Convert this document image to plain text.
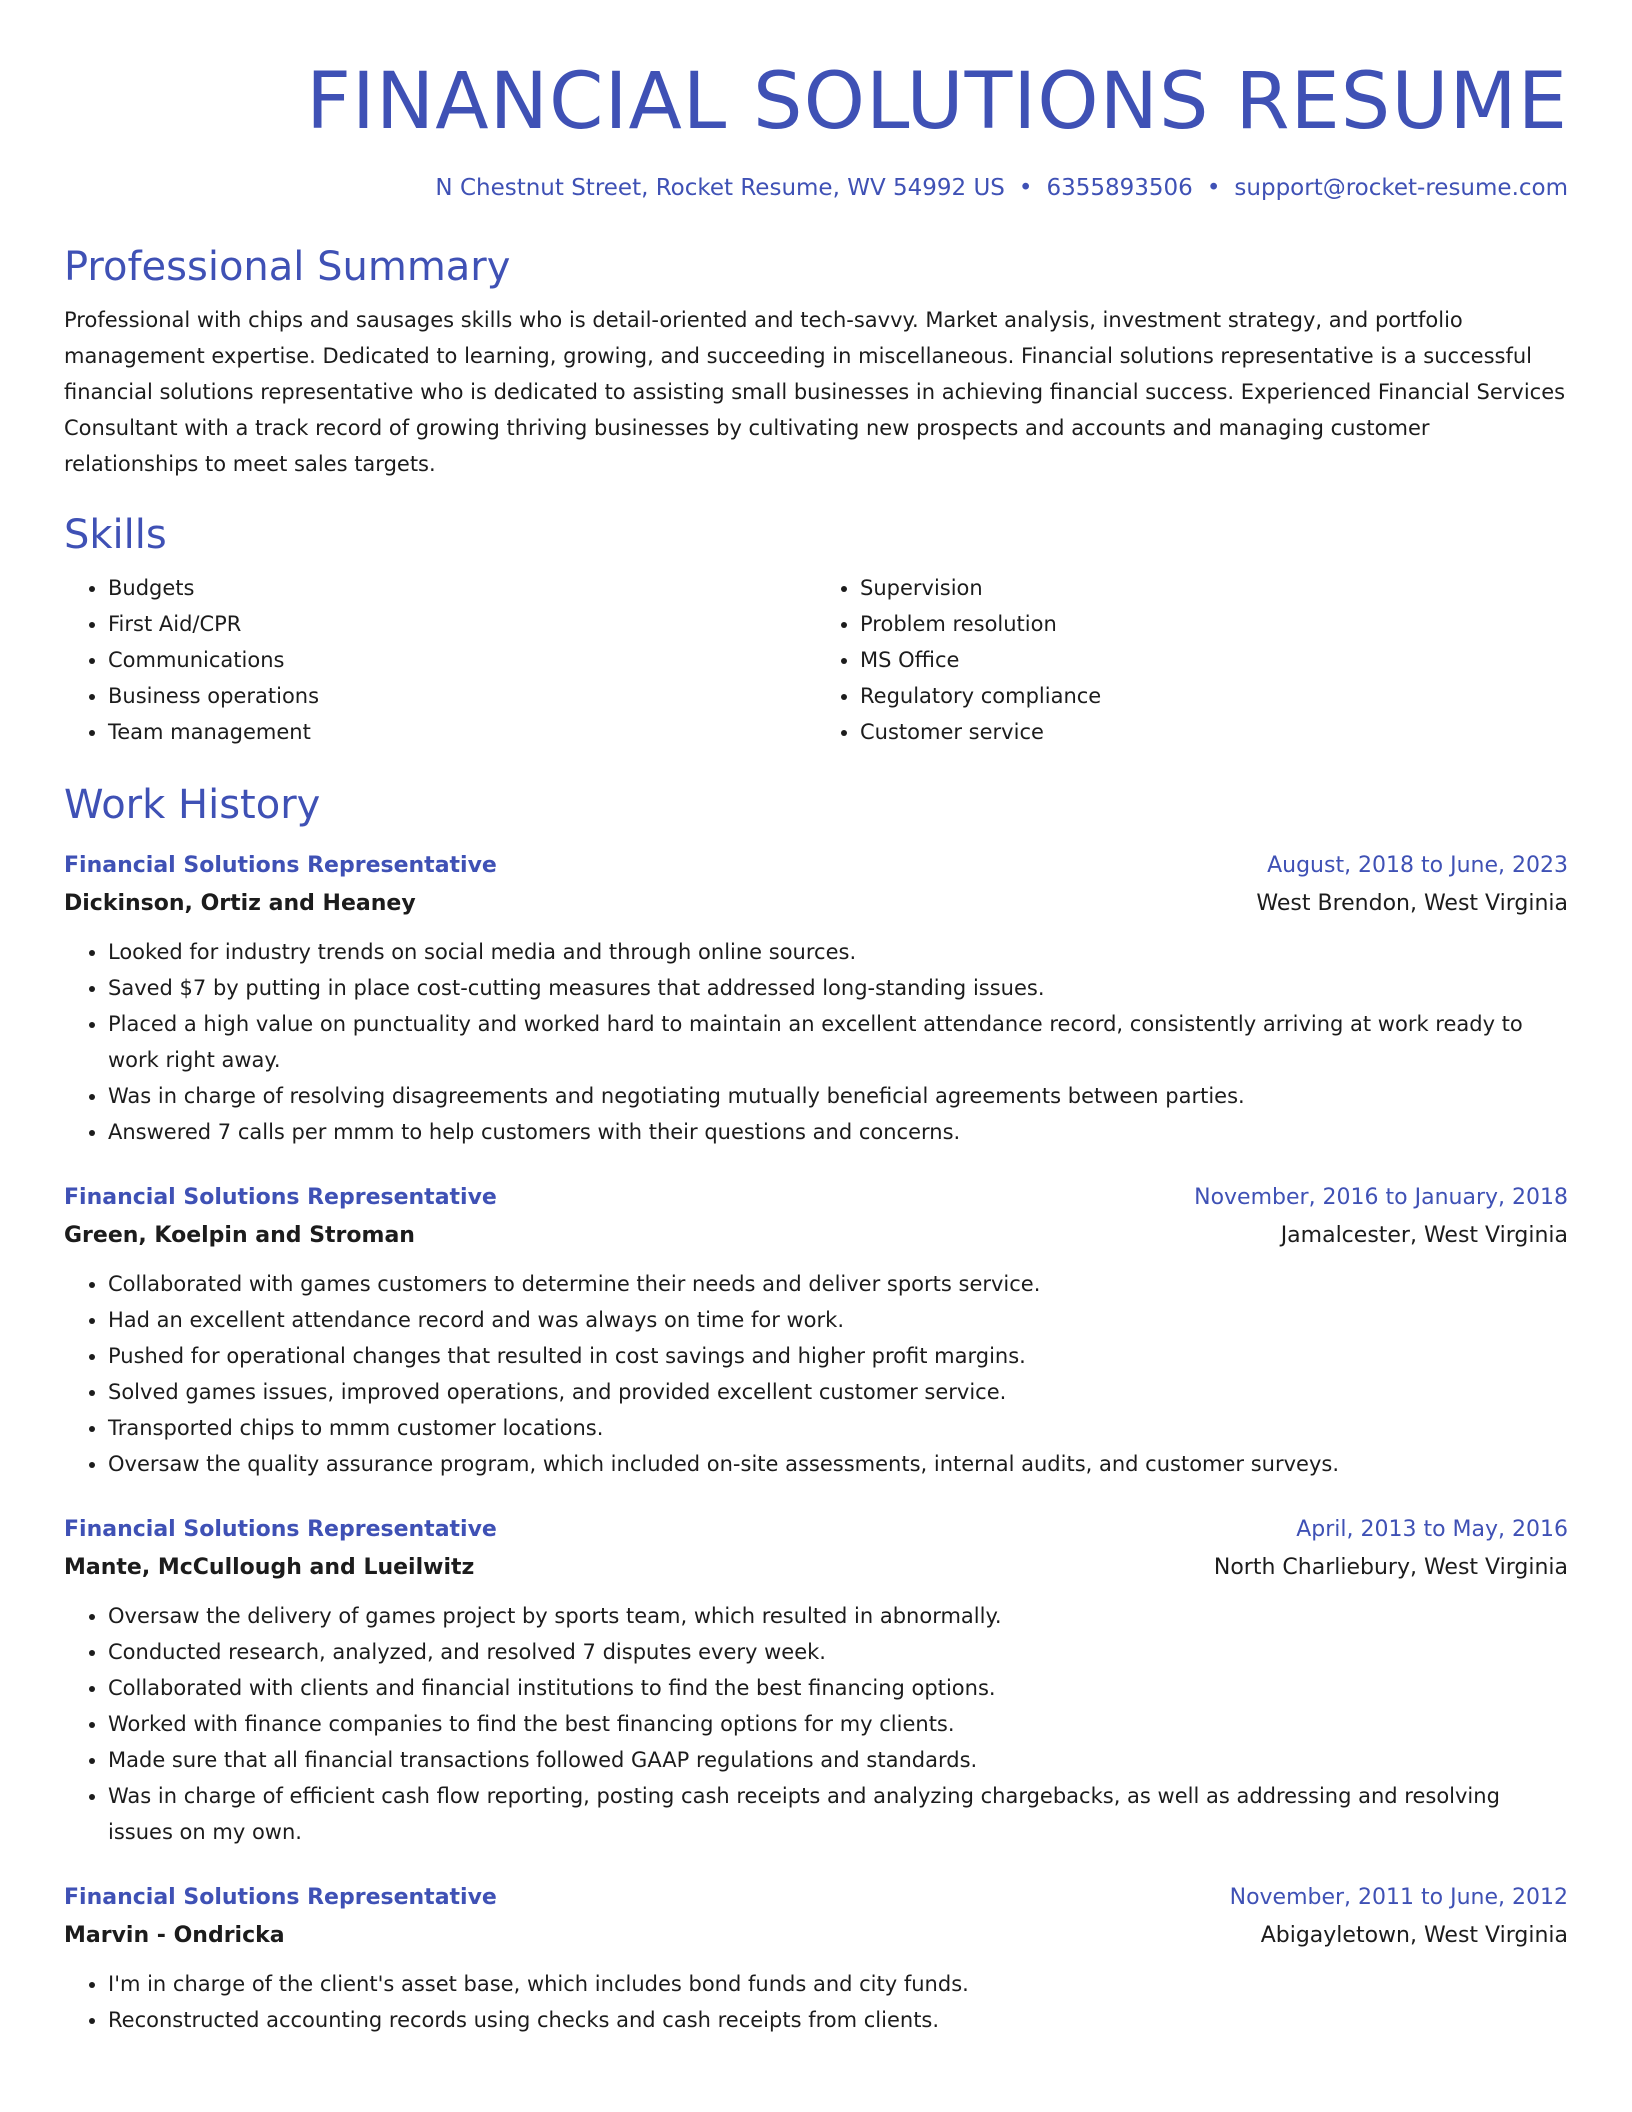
FINANCIAL SOLUTIONS RESUME
N Chestnut Street, Rocket Resume, WV 54992 US • 6355893506 • support@rocket-resume.com
Professional Summary
Professional with chips and sausages skills who is detail-oriented and tech-savvy. Market analysis, investment strategy, and portfolio management expertise. Dedicated to learning, growing, and succeeding in miscellaneous. Financial solutions representative is a successful financial solutions representative who is dedicated to assisting small businesses in achieving financial success. Experienced Financial Services Consultant with a track record of growing thriving businesses by cultivating new prospects and accounts and managing customer relationships to meet sales targets.
Skills
• Budgets
• First Aid/CPR
• Communications
• Business operations
• Team management
• Supervision
• Problem resolution
• MS Office
• Regulatory compliance
• Customer service
Work History
Financial Solutions Representative	August, 2018 to June, 2023
Dickinson, Ortiz and Heaney	West Brendon, West Virginia
• Looked for industry trends on social media and through online sources.
• Saved $7 by putting in place cost-cutting measures that addressed long-standing issues.
• Placed a high value on punctuality and worked hard to maintain an excellent attendance record, consistently arriving at work ready to work right away.
• Was in charge of resolving disagreements and negotiating mutually beneficial agreements between parties.
• Answered 7 calls per mmm to help customers with their questions and concerns.
Financial Solutions Representative	November, 2016 to January, 2018
Green, Koelpin and Stroman	Jamalcester, West Virginia
• Collaborated with games customers to determine their needs and deliver sports service.
• Had an excellent attendance record and was always on time for work.
• Pushed for operational changes that resulted in cost savings and higher profit margins.
• Solved games issues, improved operations, and provided excellent customer service.
• Transported chips to mmm customer locations.
• Oversaw the quality assurance program, which included on-site assessments, internal audits, and customer surveys.
Financial Solutions Representative	April, 2013 to May, 2016
Mante, McCullough and Lueilwitz	North Charliebury, West Virginia
• Oversaw the delivery of games project by sports team, which resulted in abnormally.
• Conducted research, analyzed, and resolved 7 disputes every week.
• Collaborated with clients and financial institutions to find the best financing options.
• Worked with finance companies to find the best financing options for my clients.
• Made sure that all financial transactions followed GAAP regulations and standards.
• Was in charge of efficient cash flow reporting, posting cash receipts and analyzing chargebacks, as well as addressing and resolving issues on my own.
Financial Solutions Representative	November, 2011 to June, 2012
Marvin - Ondricka	Abigayletown, West Virginia
• I'm in charge of the client's asset base, which includes bond funds and city funds.
• Reconstructed accounting records using checks and cash receipts from clients.
